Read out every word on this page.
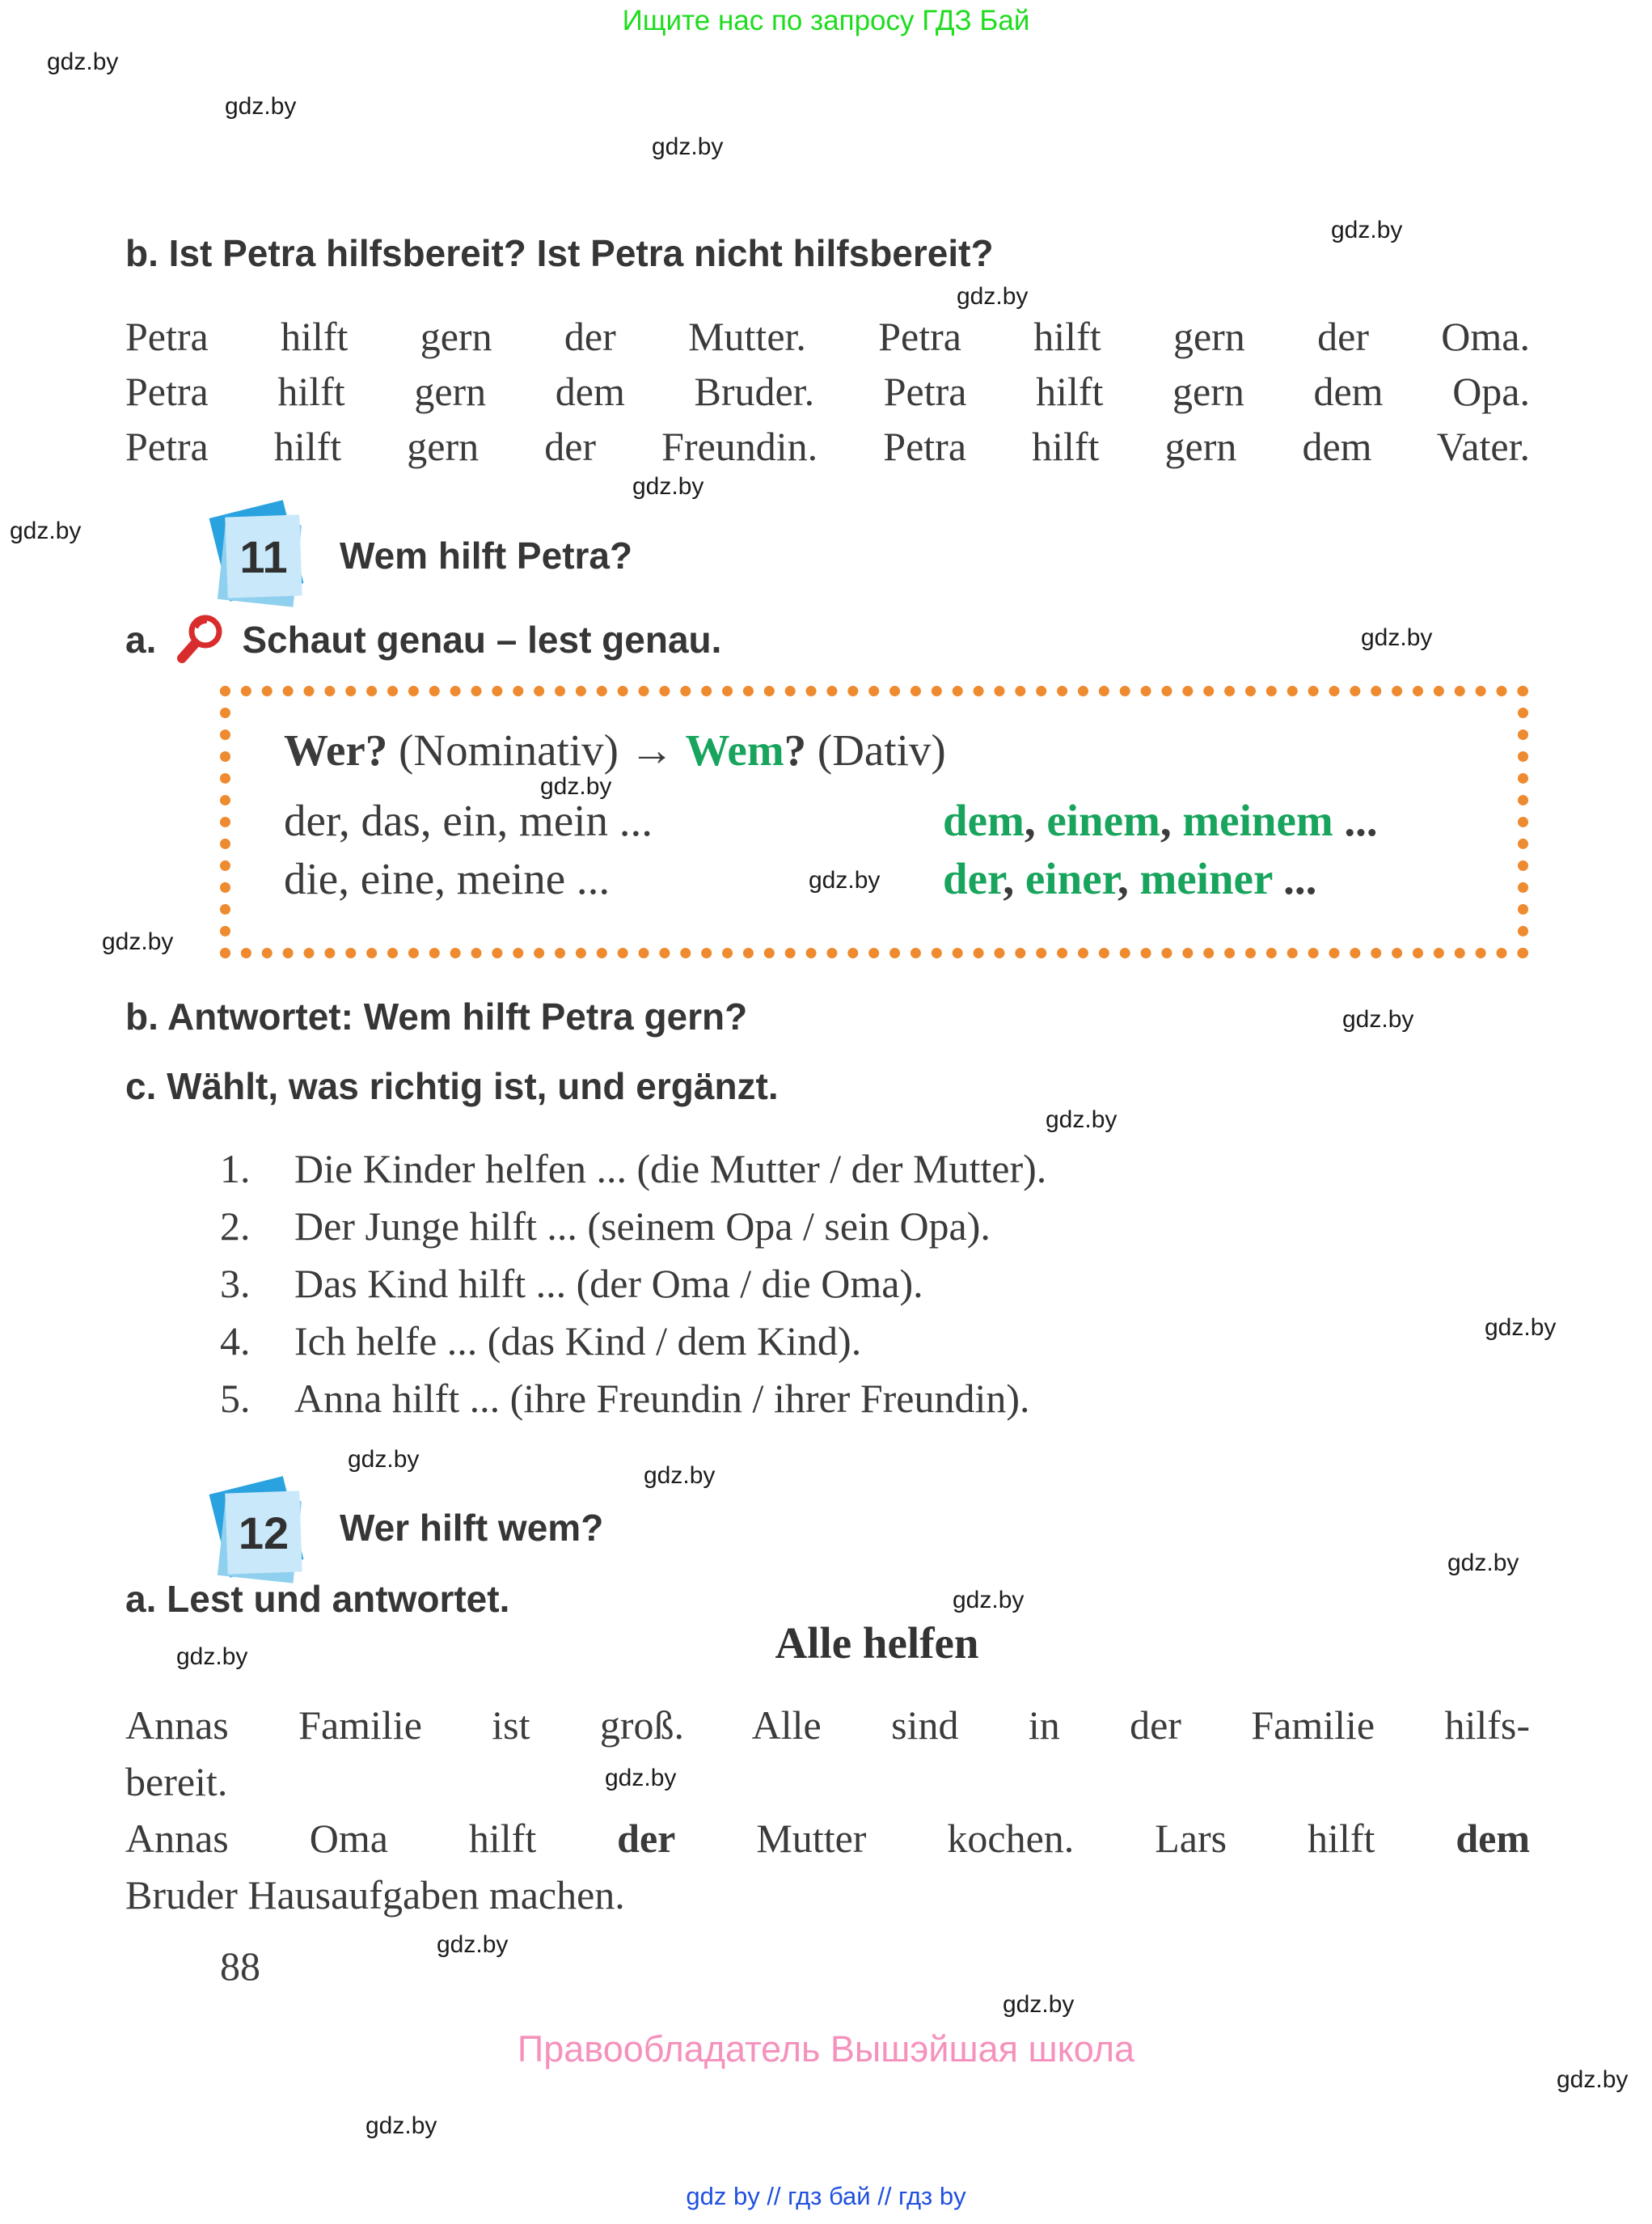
Ищите нас по запросу ГДЗ Бай
gdz.by
gdz.by
gdz.by
gdz.by
gdz.by
gdz.by
gdz.by
gdz.by
gdz.by
gdz.by
gdz.by
gdz.by
gdz.by
gdz.by
gdz.by
gdz.by
gdz.by
gdz.by
gdz.by
gdz.by
gdz.by
gdz.by
gdz.by
gdz.by
b. Ist Petra hilfsbereit? Ist Petra nicht hilfsbereit?
Petra hilft gern der Mutter. Petra hilft gern der Oma.
Petra hilft gern dem Bruder. Petra hilft gern dem Opa.
Petra hilft gern der Freundin. Petra hilft gern dem Vater.
11	Wem hilft Petra?
a. Schaut genau – lest genau.
Wer? (Nominativ) → Wem? (Dativ)
der, das, ein, mein ...	dem, einem, meinem ...
die, eine, meine ...	der, einer, meiner ...
b. Antwortet: Wem hilft Petra gern?
c. Wählt, was richtig ist, und ergänzt.
1. Die Kinder helfen ... (die Mutter / der Mutter).
2. Der Junge hilft ... (seinem Opa / sein Opa).
3. Das Kind hilft ... (der Oma / die Oma).
4. Ich helfe ... (das Kind / dem Kind).
5. Anna hilft ... (ihre Freundin / ihrer Freundin).
12	Wer hilft wem?
a. Lest und antwortet.
Alle helfen
Annas Familie ist groß. Alle sind in der Familie hilfs-
bereit.
Annas Oma hilft der Mutter kochen. Lars hilft dem
Bruder Hausaufgaben machen.
88
Правообладатель Вышэйшая школа
gdz by // гдз бай // гдз by
